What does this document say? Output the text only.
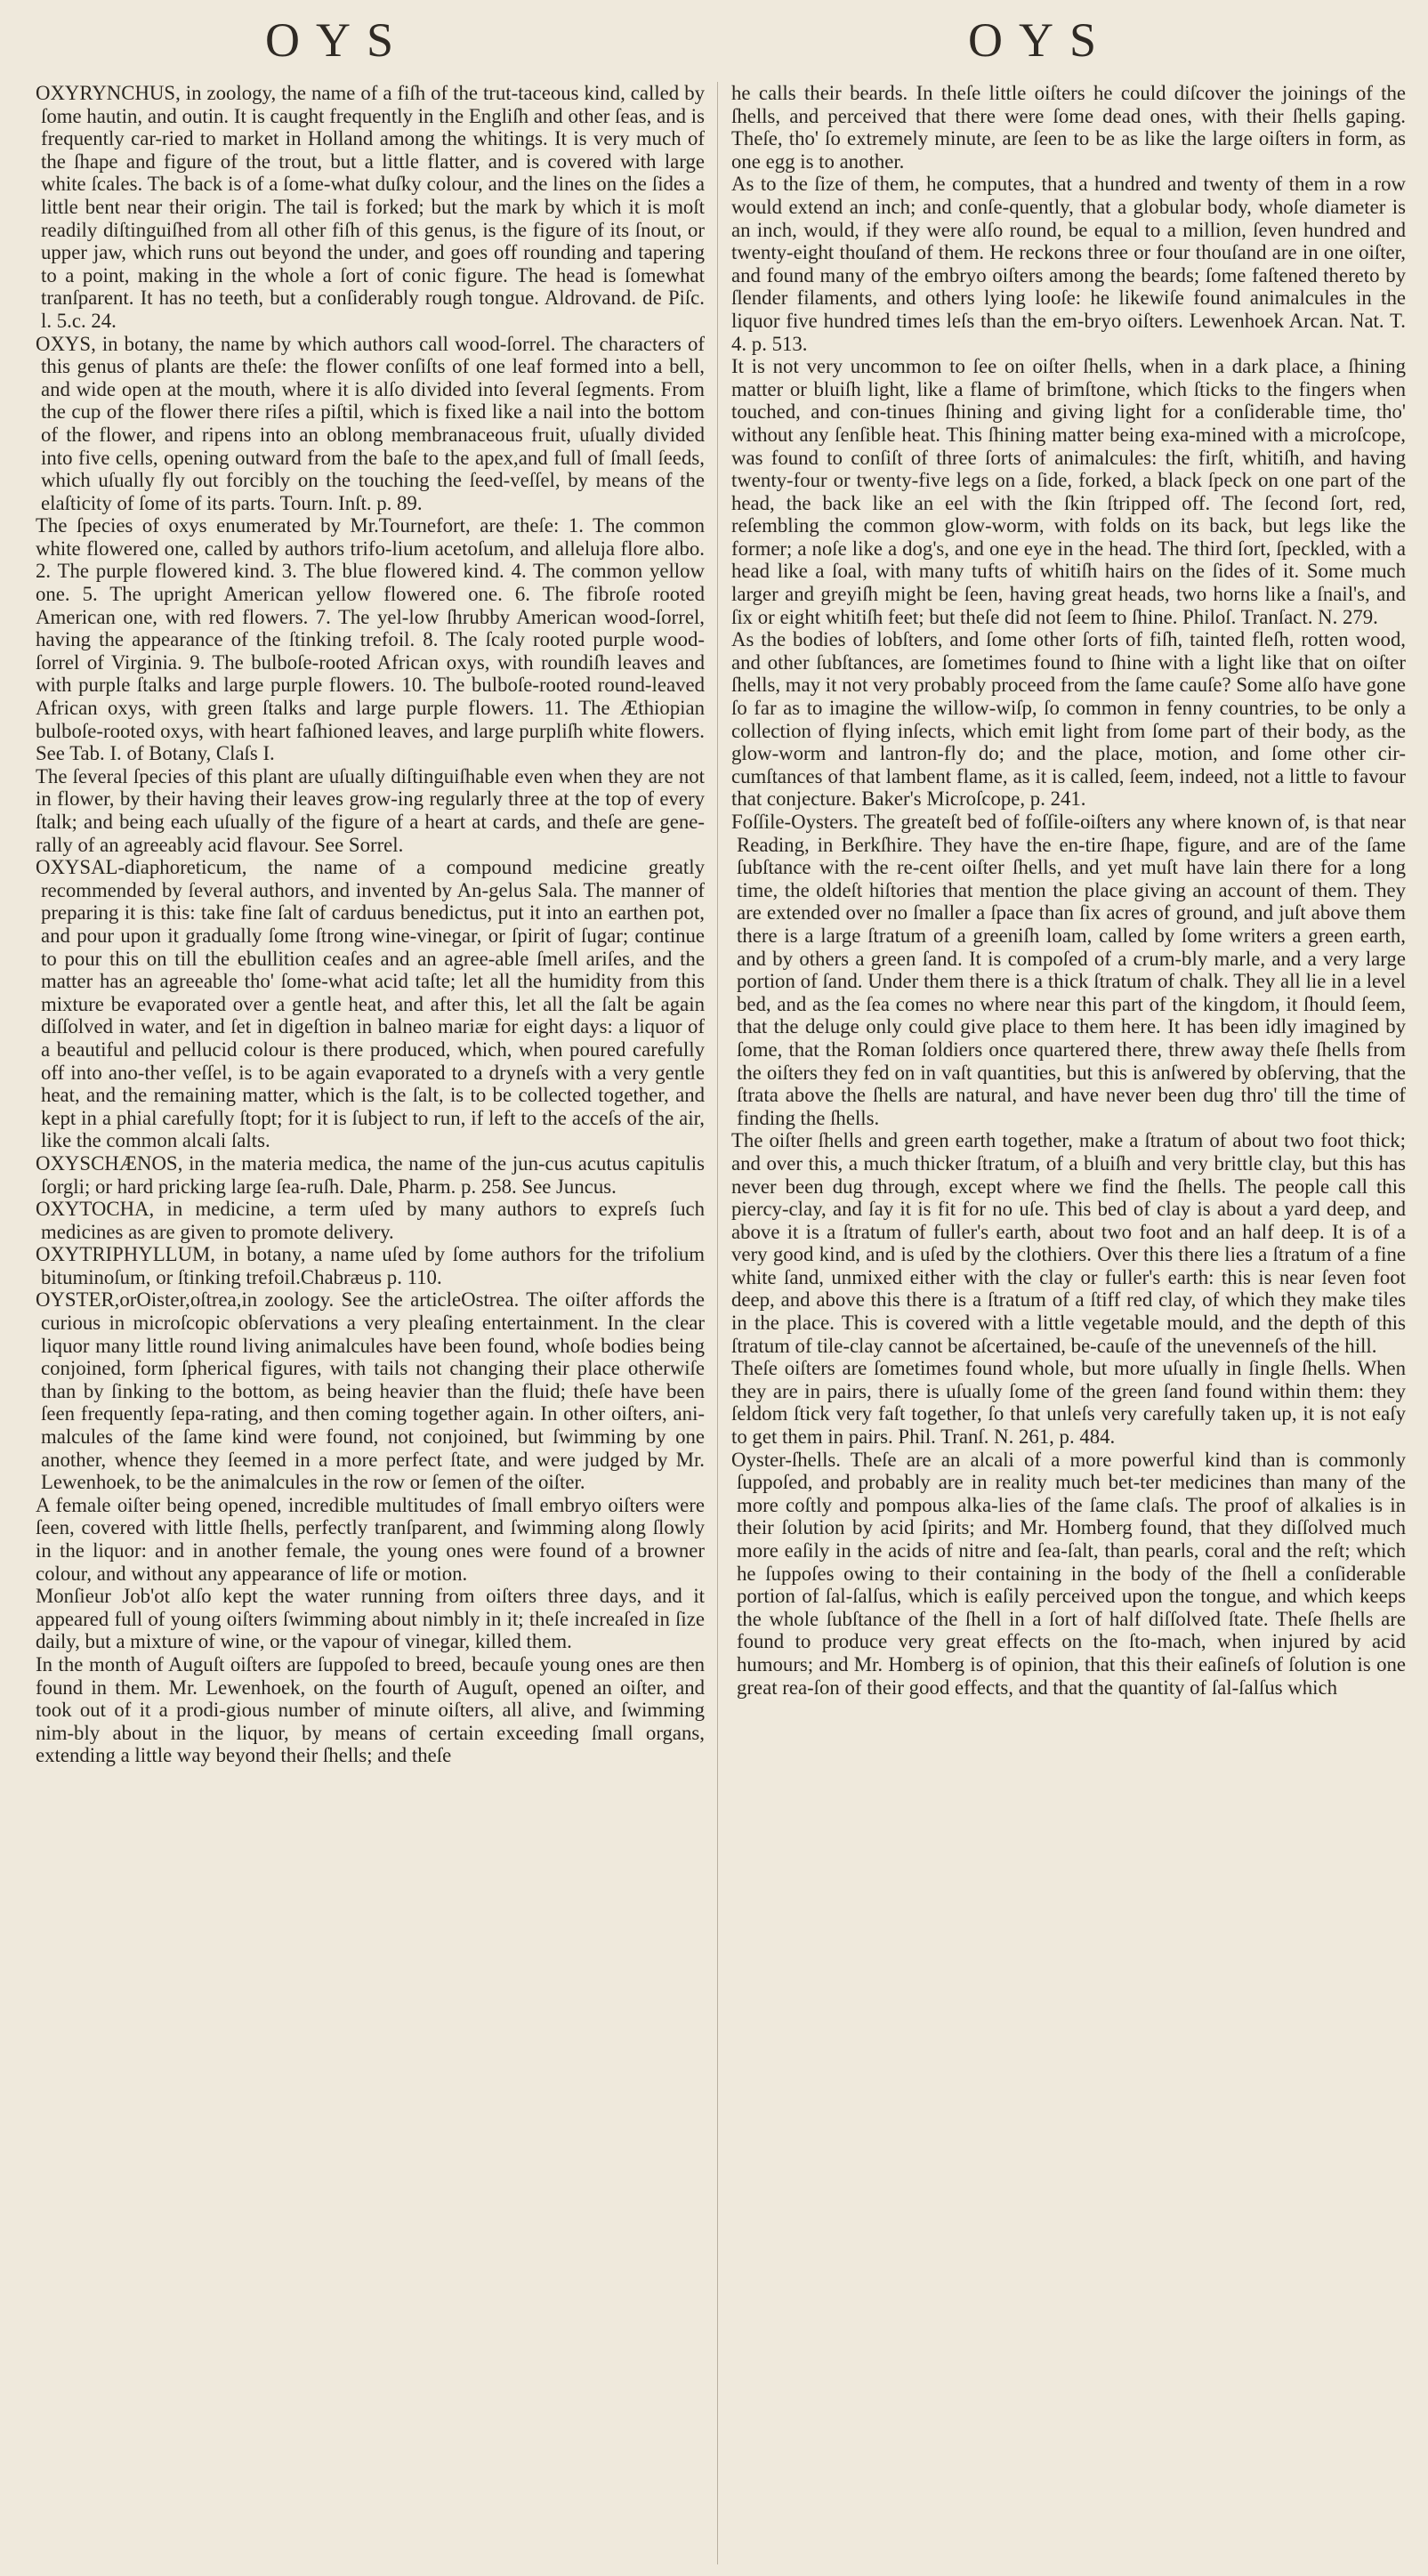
OYS	OYS

OXYRYNCHUS, in zoology, the name of a fiſh of the trut-taceous kind, called by ſome hautin, and outin. It is caught frequently in the Engliſh and other ſeas, and is frequently car-ried to market in Holland among the whitings. It is very much of the ſhape and figure of the trout, but a little flatter, and is covered with large white ſcales. The back is of a ſome-what duſky colour, and the lines on the ſides a little bent near their origin. The tail is forked; but the mark by which it is moſt readily diſtinguiſhed from all other fiſh of this genus, is the figure of its ſnout, or upper jaw, which runs out beyond the under, and goes off rounding and tapering to a point, making in the whole a ſort of conic figure. The head is ſomewhat tranſparent. It has no teeth, but a conſiderably rough tongue. Aldrovand. de Piſc. l. 5.c. 24.

OXYS, in botany, the name by which authors call wood-ſorrel. The characters of this genus of plants are theſe: the flower conſiſts of one leaf formed into a bell, and wide open at the mouth, where it is alſo divided into ſeveral ſegments. From the cup of the flower there riſes a piſtil, which is fixed like a nail into the bottom of the flower, and ripens into an oblong membranaceous fruit, uſually divided into five cells, opening outward from the baſe to the apex,and full of ſmall ſeeds, which uſually fly out forcibly on the touching the ſeed-veſſel, by means of the elaſticity of ſome of its parts. Tourn. Inſt. p. 89.

The ſpecies of oxys enumerated by Mr.Tournefort, are theſe: 1. The common white flowered one, called by authors trifo-lium acetoſum, and alleluja flore albo. 2. The purple flowered kind. 3. The blue flowered kind. 4. The common yellow one. 5. The upright American yellow flowered one. 6. The fibroſe rooted American one, with red flowers. 7. The yel-low ſhrubby American wood-ſorrel, having the appearance of the ſtinking trefoil. 8. The ſcaly rooted purple wood-ſorrel of Virginia. 9. The bulboſe-rooted African oxys, with roundiſh leaves and with purple ſtalks and large purple flowers. 10. The bulboſe-rooted round-leaved African oxys, with green ſtalks and large purple flowers. 11. The Æthiopian bulboſe-rooted oxys, with heart faſhioned leaves, and large purpliſh white flowers. See Tab. I. of Botany, Claſs I.

The ſeveral ſpecies of this plant are uſually diſtinguiſhable even when they are not in flower, by their having their leaves grow-ing regularly three at the top of every ſtalk; and being each uſually of the figure of a heart at cards, and theſe are gene-rally of an agreeably acid flavour. See Sorrel.

OXYSAL-diaphoreticum, the name of a compound medicine greatly recommended by ſeveral authors, and invented by An-gelus Sala. The manner of preparing it is this: take fine ſalt of carduus benedictus, put it into an earthen pot, and pour upon it gradually ſome ſtrong wine-vinegar, or ſpirit of ſugar; continue to pour this on till the ebullition ceaſes and an agree-able ſmell ariſes, and the matter has an agreeable tho' ſome-what acid taſte; let all the humidity from this mixture be evaporated over a gentle heat, and after this, let all the ſalt be again diſſolved in water, and ſet in digeſtion in balneo mariæ for eight days: a liquor of a beautiful and pellucid colour is there produced, which, when poured carefully off into ano-ther veſſel, is to be again evaporated to a dryneſs with a very gentle heat, and the remaining matter, which is the ſalt, is to be collected together, and kept in a phial carefully ſtopt; for it is ſubject to run, if left to the acceſs of the air, like the common alcali ſalts.

OXYSCHÆNOS, in the materia medica, the name of the jun-cus acutus capitulis ſorgli; or hard pricking large ſea-ruſh. Dale, Pharm. p. 258. See Juncus.

OXYTOCHA, in medicine, a term uſed by many authors to expreſs ſuch medicines as are given to promote delivery.

OXYTRIPHYLLUM, in botany, a name uſed by ſome authors for the trifolium bituminoſum, or ſtinking trefoil.Chabræus p. 110.

OYSTER,orOister,oſtrea,in zoology. See the articleOstrea. The oiſter affords the curious in microſcopic obſervations a very pleaſing entertainment. In the clear liquor many little round living animalcules have been found, whoſe bodies being conjoined, form ſpherical figures, with tails not changing their place otherwiſe than by ſinking to the bottom, as being heavier than the fluid; theſe have been ſeen frequently ſepa-rating, and then coming together again. In other oiſters, ani-malcules of the ſame kind were found, not conjoined, but ſwimming by one another, whence they ſeemed in a more perfect ſtate, and were judged by Mr. Lewenhoek, to be the animalcules in the row or ſemen of the oiſter.

A female oiſter being opened, incredible multitudes of ſmall embryo oiſters were ſeen, covered with little ſhells, perfectly tranſparent, and ſwimming along ſlowly in the liquor: and in another female, the young ones were found of a browner colour, and without any appearance of life or motion.

Monſieur Job'ot alſo kept the water running from oiſters three days, and it appeared full of young oiſters ſwimming about nimbly in it; theſe increaſed in ſize daily, but a mixture of wine, or the vapour of vinegar, killed them.

In the month of Auguſt oiſters are ſuppoſed to breed, becauſe young ones are then found in them. Mr. Lewenhoek, on the fourth of Auguſt, opened an oiſter, and took out of it a prodi-gious number of minute oiſters, all alive, and ſwimming nim-bly about in the liquor, by means of certain exceeding ſmall organs, extending a little way beyond their ſhells; and theſe

he calls their beards. In theſe little oiſters he could diſcover the joinings of the ſhells, and perceived that there were ſome dead ones, with their ſhells gaping. Theſe, tho' ſo extremely minute, are ſeen to be as like the large oiſters in form, as one egg is to another.

As to the ſize of them, he computes, that a hundred and twenty of them in a row would extend an inch; and conſe-quently, that a globular body, whoſe diameter is an inch, would, if they were alſo round, be equal to a million, ſeven hundred and twenty-eight thouſand of them. He reckons three or four thouſand are in one oiſter, and found many of the embryo oiſters among the beards; ſome faſtened thereto by ſlender filaments, and others lying looſe: he likewiſe found animalcules in the liquor five hundred times leſs than the em-bryo oiſters. Lewenhoek Arcan. Nat. T. 4. p. 513.

It is not very uncommon to ſee on oiſter ſhells, when in a dark place, a ſhining matter or bluiſh light, like a flame of brimſtone, which ſticks to the fingers when touched, and con-tinues ſhining and giving light for a conſiderable time, tho' without any ſenſible heat. This ſhining matter being exa-mined with a microſcope, was found to conſiſt of three ſorts of animalcules: the firſt, whitiſh, and having twenty-four or twenty-five legs on a ſide, forked, a black ſpeck on one part of the head, the back like an eel with the ſkin ſtripped off. The ſecond ſort, red, reſembling the common glow-worm, with folds on its back, but legs like the former; a noſe like a dog's, and one eye in the head. The third ſort, ſpeckled, with a head like a ſoal, with many tufts of whitiſh hairs on the ſides of it. Some much larger and greyiſh might be ſeen, having great heads, two horns like a ſnail's, and ſix or eight whitiſh feet; but theſe did not ſeem to ſhine. Philoſ. Tranſact. N. 279.

As the bodies of lobſters, and ſome other ſorts of fiſh, tainted fleſh, rotten wood, and other ſubſtances, are ſometimes found to ſhine with a light like that on oiſter ſhells, may it not very probably proceed from the ſame cauſe? Some alſo have gone ſo far as to imagine the willow-wiſp, ſo common in fenny countries, to be only a collection of flying inſects, which emit light from ſome part of their body, as the glow-worm and lantron-fly do; and the place, motion, and ſome other cir-cumſtances of that lambent flame, as it is called, ſeem, indeed, not a little to favour that conjecture. Baker's Microſcope, p. 241.

Foſſile-Oysters. The greateſt bed of foſſile-oiſters any where known of, is that near Reading, in Berkſhire. They have the en-tire ſhape, figure, and are of the ſame ſubſtance with the re-cent oiſter ſhells, and yet muſt have lain there for a long time, the oldeſt hiſtories that mention the place giving an account of them. They are extended over no ſmaller a ſpace than ſix acres of ground, and juſt above them there is a large ſtratum of a greeniſh loam, called by ſome writers a green earth, and by others a green ſand. It is compoſed of a crum-bly marle, and a very large portion of ſand. Under them there is a thick ſtratum of chalk. They all lie in a level bed, and as the ſea comes no where near this part of the kingdom, it ſhould ſeem, that the deluge only could give place to them here. It has been idly imagined by ſome, that the Roman ſoldiers once quartered there, threw away theſe ſhells from the oiſters they fed on in vaſt quantities, but this is anſwered by obſerving, that the ſtrata above the ſhells are natural, and have never been dug thro' till the time of finding the ſhells.

The oiſter ſhells and green earth together, make a ſtratum of about two foot thick; and over this, a much thicker ſtratum, of a bluiſh and very brittle clay, but this has never been dug through, except where we find the ſhells. The people call this piercy-clay, and ſay it is fit for no uſe. This bed of clay is about a yard deep, and above it is a ſtratum of fuller's earth, about two foot and an half deep. It is of a very good kind, and is uſed by the clothiers. Over this there lies a ſtratum of a fine white ſand, unmixed either with the clay or fuller's earth: this is near ſeven foot deep, and above this there is a ſtratum of a ſtiff red clay, of which they make tiles in the place. This is covered with a little vegetable mould, and the depth of this ſtratum of tile-clay cannot be aſcertained, be-cauſe of the unevenneſs of the hill.

Theſe oiſters are ſometimes found whole, but more uſually in ſingle ſhells. When they are in pairs, there is uſually ſome of the green ſand found within them: they ſeldom ſtick very faſt together, ſo that unleſs very carefully taken up, it is not eaſy to get them in pairs. Phil. Tranſ. N. 261, p. 484.

Oyster-ſhells. Theſe are an alcali of a more powerful kind than is commonly ſuppoſed, and probably are in reality much bet-ter medicines than many of the more coſtly and pompous alka-lies of the ſame claſs. The proof of alkalies is in their ſolution by acid ſpirits; and Mr. Homberg found, that they diſſolved much more eaſily in the acids of nitre and ſea-ſalt, than pearls, coral and the reſt; which he ſuppoſes owing to their containing in the body of the ſhell a conſiderable portion of ſal-ſalſus, which is eaſily perceived upon the tongue, and which keeps the whole ſubſtance of the ſhell in a ſort of half diſſolved ſtate. Theſe ſhells are found to produce very great effects on the ſto-mach, when injured by acid humours; and Mr. Homberg is of opinion, that this their eaſineſs of ſolution is one great rea-ſon of their good effects, and that the quantity of ſal-ſalſus which
